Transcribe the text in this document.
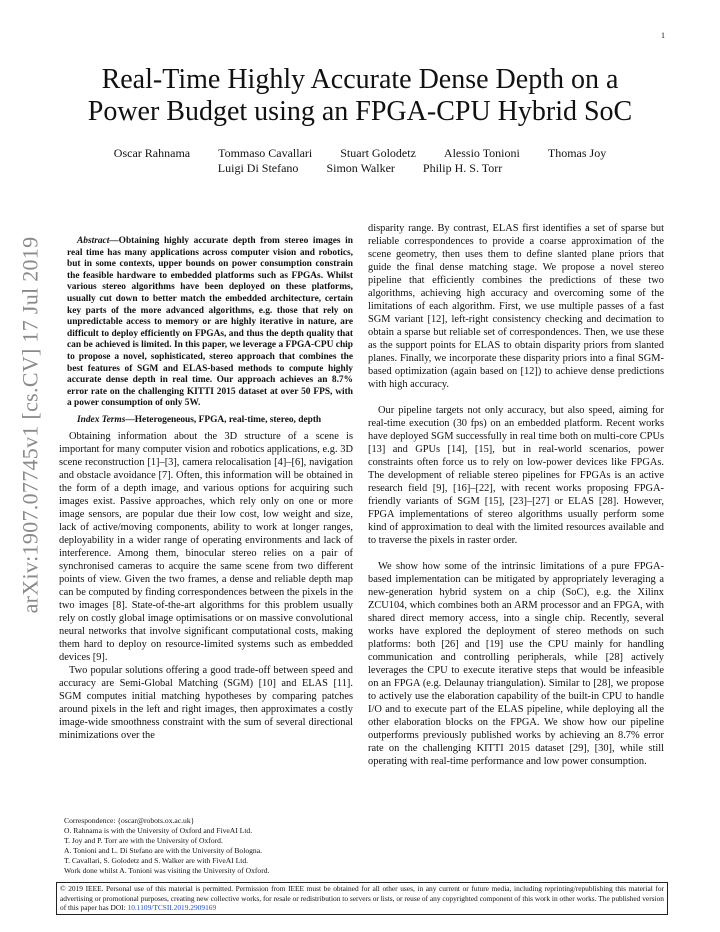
1
arXiv:1907.07745v1 [cs.CV] 17 Jul 2019
Real-Time Highly Accurate Dense Depth on a
Power Budget using an FPGA-CPU Hybrid SoC
Oscar Rahnama Tommaso Cavallari Stuart Golodetz Alessio Tonioni Thomas Joy
Luigi Di Stefano Simon Walker Philip H. S. Torr

Abstract—Obtaining highly accurate depth from stereo images in real time has many applications across computer vision and robotics, but in some contexts, upper bounds on power consumption constrain the feasible hardware to embedded platforms such as FPGAs. Whilst various stereo algorithms have been deployed on these platforms, usually cut down to better match the embedded architecture, certain key parts of the more advanced algorithms, e.g. those that rely on unpredictable access to memory or are highly iterative in nature, are difficult to deploy efficiently on FPGAs, and thus the depth quality that can be achieved is limited. In this paper, we leverage a FPGA-CPU chip to propose a novel, sophisticated, stereo approach that combines the best features of SGM and ELAS-based methods to compute highly accurate dense depth in real time. Our approach achieves an 8.7% error rate on the challenging KITTI 2015 dataset at over 50 FPS, with a power consumption of only 5W.

Index Terms—Heterogeneous, FPGA, real-time, stereo, depth

Obtaining information about the 3D structure of a scene is important for many computer vision and robotics applications, e.g. 3D scene reconstruction [1]–[3], camera relocalisation [4]–[6], navigation and obstacle avoidance [7]. Often, this information will be obtained in the form of a depth image, and various options for acquiring such images exist. Passive approaches, which rely only on one or more image sensors, are popular due their low cost, low weight and size, lack of active/moving components, ability to work at longer ranges, deployability in a wider range of operating environments and lack of interference. Among them, binocular stereo relies on a pair of synchronised cameras to acquire the same scene from two different points of view. Given the two frames, a dense and reliable depth map can be computed by finding correspondences between the pixels in the two images [8]. State-of-the-art algorithms for this problem usually rely on costly global image optimisations or on massive convolutional neural networks that involve significant computational costs, making them hard to deploy on resource-limited systems such as embedded devices [9].

Two popular solutions offering a good trade-off between speed and accuracy are Semi-Global Matching (SGM) [10] and ELAS [11]. SGM computes initial matching hypotheses by comparing patches around pixels in the left and right images, then approximates a costly image-wide smoothness constraint with the sum of several directional minimizations over the

Correspondence: {oscar@robots.ox.ac.uk}
O. Rahnama is with the University of Oxford and FiveAI Ltd.
T. Joy and P. Torr are with the University of Oxford.
A. Tonioni and L. Di Stefano are with the University of Bologna.
T. Cavallari, S. Golodetz and S. Walker are with FiveAI Ltd.
Work done whilst A. Tonioni was visiting the University of Oxford.

disparity range. By contrast, ELAS first identifies a set of sparse but reliable correspondences to provide a coarse approximation of the scene geometry, then uses them to define slanted plane priors that guide the final dense matching stage. We propose a novel stereo pipeline that efficiently combines the predictions of these two algorithms, achieving high accuracy and overcoming some of the limitations of each algorithm. First, we use multiple passes of a fast SGM variant [12], left-right consistency checking and decimation to obtain a sparse but reliable set of correspondences. Then, we use these as the support points for ELAS to obtain disparity priors from slanted planes. Finally, we incorporate these disparity priors into a final SGM-based optimization (again based on [12]) to achieve dense predictions with high accuracy.

Our pipeline targets not only accuracy, but also speed, aiming for real-time execution (30 fps) on an embedded platform. Recent works have deployed SGM successfully in real time both on multi-core CPUs [13] and GPUs [14], [15], but in real-world scenarios, power constraints often force us to rely on low-power devices like FPGAs. The development of reliable stereo pipelines for FPGAs is an active research field [9], [16]–[22], with recent works proposing FPGA-friendly variants of SGM [15], [23]–[27] or ELAS [28]. However, FPGA implementations of stereo algorithms usually perform some kind of approximation to deal with the limited resources available and to traverse the pixels in raster order.

We show how some of the intrinsic limitations of a pure FPGA-based implementation can be mitigated by appropriately leveraging a new-generation hybrid system on a chip (SoC), e.g. the Xilinx ZCU104, which combines both an ARM processor and an FPGA, with shared direct memory access, into a single chip. Recently, several works have explored the deployment of stereo methods on such platforms: both [26] and [19] use the CPU mainly for handling communication and controlling peripherals, while [28] actively leverages the CPU to execute iterative steps that would be infeasible on an FPGA (e.g. Delaunay triangulation). Similar to [28], we propose to actively use the elaboration capability of the built-in CPU to handle I/O and to execute part of the ELAS pipeline, while deploying all the other elaboration blocks on the FPGA. We show how our pipeline outperforms previously published works by achieving an 8.7% error rate on the challenging KITTI 2015 dataset [29], [30], while still operating with real-time performance and low power consumption.

© 2019 IEEE. Personal use of this material is permitted. Permission from IEEE must be obtained for all other uses, in any current or future media, including reprinting/republishing this material for advertising or promotional purposes, creating new collective works, for resale or redistribution to servers or lists, or reuse of any copyrighted component of this work in other works. The published version of this paper has DOI: 10.1109/TCSII.2019.2909169
